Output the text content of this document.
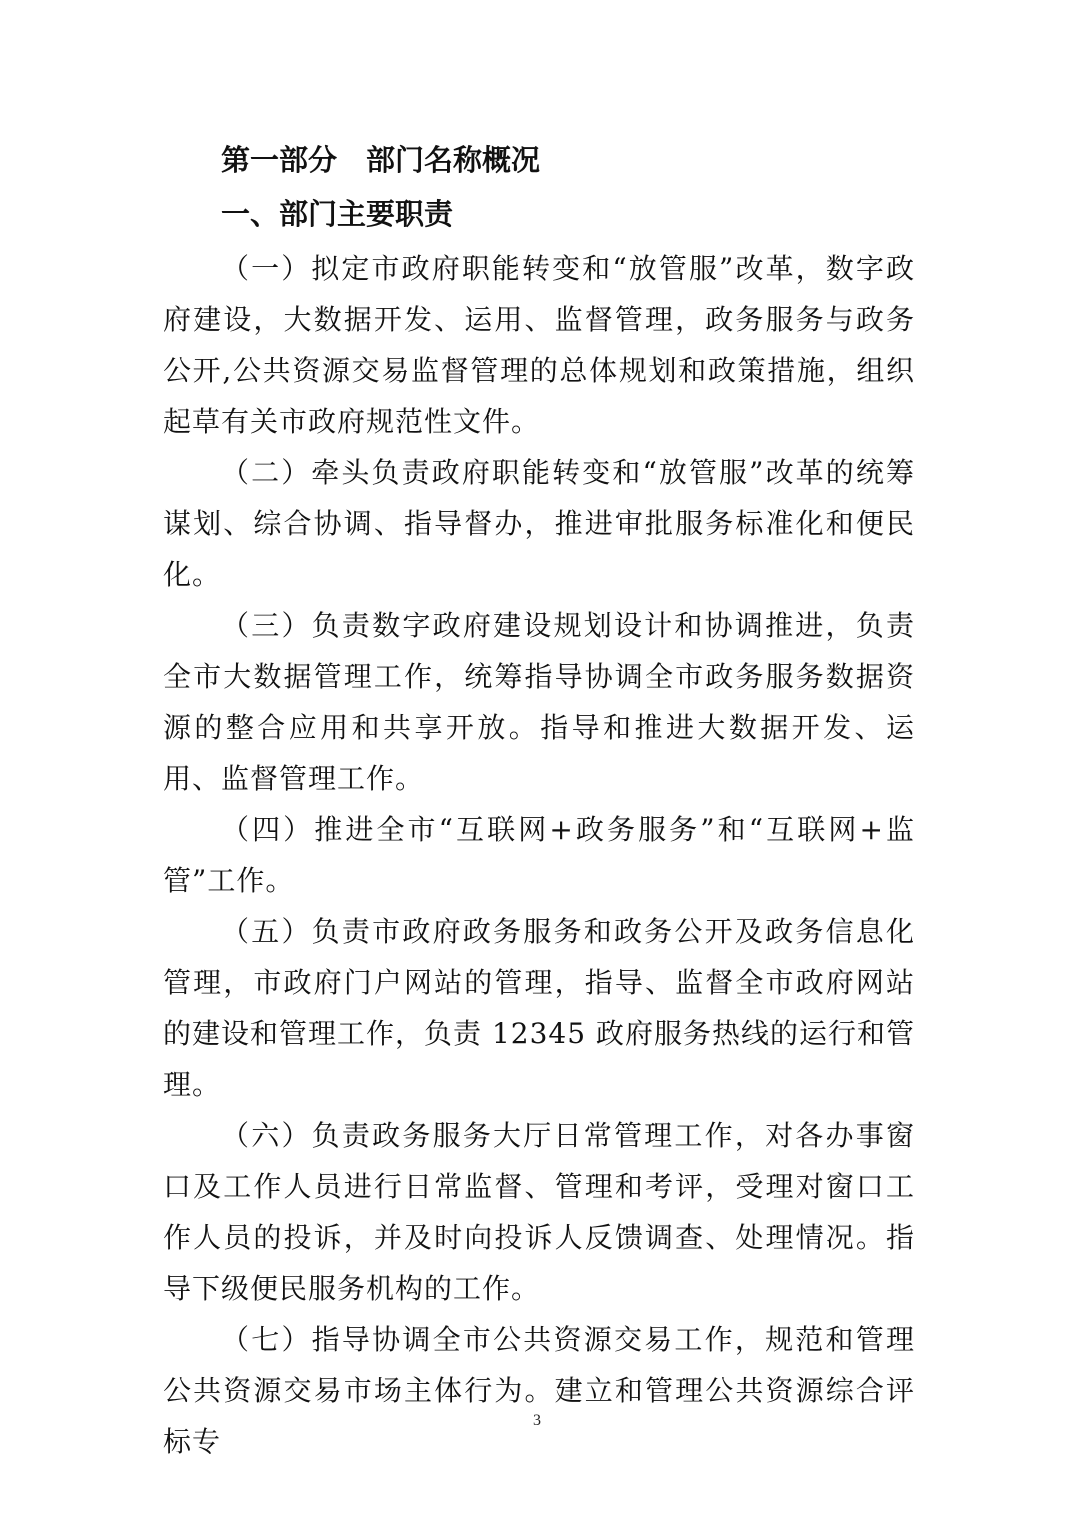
第一部分　部门名称概况
一、部门主要职责

（一）拟定市政府职能转变和“放管服”改革，数字政府建设，大数据开发、运用、监督管理，政务服务与政务公开,公共资源交易监督管理的总体规划和政策措施，组织起草有关市政府规范性文件。

（二）牵头负责政府职能转变和“放管服”改革的统筹谋划、综合协调、指导督办，推进审批服务标准化和便民化。

（三）负责数字政府建设规划设计和协调推进，负责全市大数据管理工作，统筹指导协调全市政务服务数据资源的整合应用和共享开放。指导和推进大数据开发、运用、监督管理工作。

（四）推进全市“互联网+政务服务”和“互联网+监管”工作。

（五）负责市政府政务服务和政务公开及政务信息化管理，市政府门户网站的管理，指导、监督全市政府网站的建设和管理工作，负责 12345 政府服务热线的运行和管理。

（六）负责政务服务大厅日常管理工作，对各办事窗口及工作人员进行日常监督、管理和考评，受理对窗口工作人员的投诉，并及时向投诉人反馈调查、处理情况。指导下级便民服务机构的工作。

（七）指导协调全市公共资源交易工作，规范和管理公共资源交易市场主体行为。建立和管理公共资源综合评标专

3
